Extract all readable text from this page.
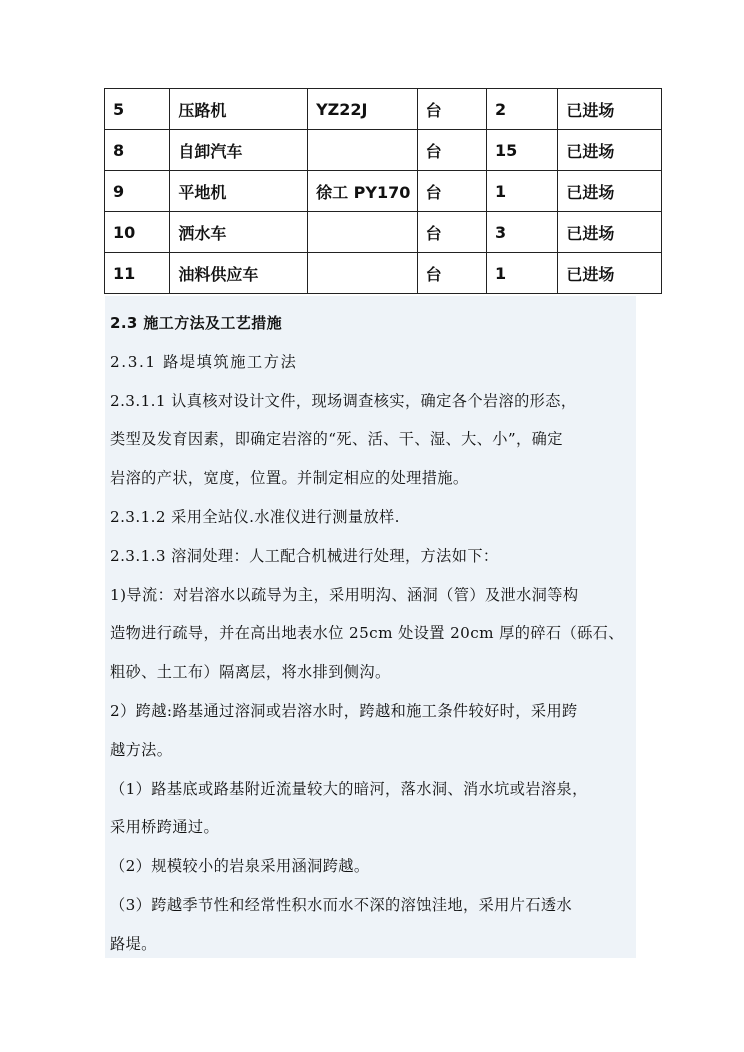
5	压路机	YZ22J	台	2	已进场
8	自卸汽车		台	15	已进场
9	平地机	徐工 PY170	台	1	已进场
10	洒水车		台	3	已进场
11	油料供应车		台	1	已进场

2.3 施工方法及工艺措施

2.3.1 路堤填筑施工方法

2.3.1.1 认真核对设计文件，现场调查核实，确定各个岩溶的形态，

类型及发育因素，即确定岩溶的“死、活、干、湿、大、小”，确定

岩溶的产状，宽度，位置。并制定相应的处理措施。

2.3.1.2 采用全站仪.水准仪进行测量放样.

2.3.1.3 溶洞处理：人工配合机械进行处理，方法如下：

1)导流：对岩溶水以疏导为主，采用明沟、涵洞（管）及泄水洞等构

造物进行疏导，并在高出地表水位 25cm 处设置 20cm 厚的碎石（砾石、

粗砂、土工布）隔离层，将水排到侧沟。

2）跨越:路基通过溶洞或岩溶水时，跨越和施工条件较好时，采用跨

越方法。

（1）路基底或路基附近流量较大的暗河，落水洞、消水坑或岩溶泉，

采用桥跨通过。

（2）规模较小的岩泉采用涵洞跨越。

（3）跨越季节性和经常性积水而水不深的溶蚀洼地，采用片石透水

路堤。
